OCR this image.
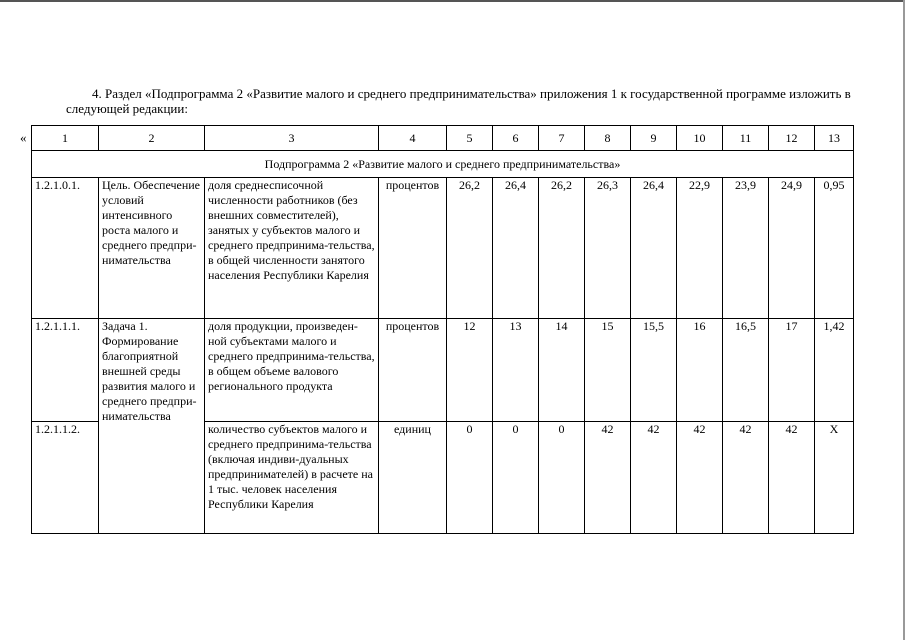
4. Раздел «Подпрограмма 2 «Развитие малого и среднего предпринимательства» приложения 1 к государственной программе изложить в следующей редакции:

«	1	2	3	4	5	6	7	8	9	10	11	12	13
Подпрограмма 2 «Развитие малого и среднего предпринимательства»												
1.2.1.0.1.	Цель. Обеспечение условий интенсивного роста малого и среднего предпри-нимательства	доля среднесписочной численности работников (без внешних совместителей), занятых у субъектов малого и среднего предпринима-тельства, в общей численности занятого населения Республики Карелия	процентов	26,2	26,4	26,2	26,3	26,4	22,9	23,9	24,9	0,95
1.2.1.1.1.	Задача 1. Формирование благоприятной внешней среды развития малого и среднего предпри-нимательства	доля продукции, произведен-ной субъектами малого и среднего предпринима-тельства, в общем объеме валового регионального продукта	процентов	12	13	14	15	15,5	16	16,5	17	1,42
1.2.1.1.2.		количество субъектов малого и среднего предпринима-тельства (включая индиви-дуальных предпринимателей) в расчете на 1 тыс. человек населения Республики Карелия	единиц	0	0	0	42	42	42	42	42	X
